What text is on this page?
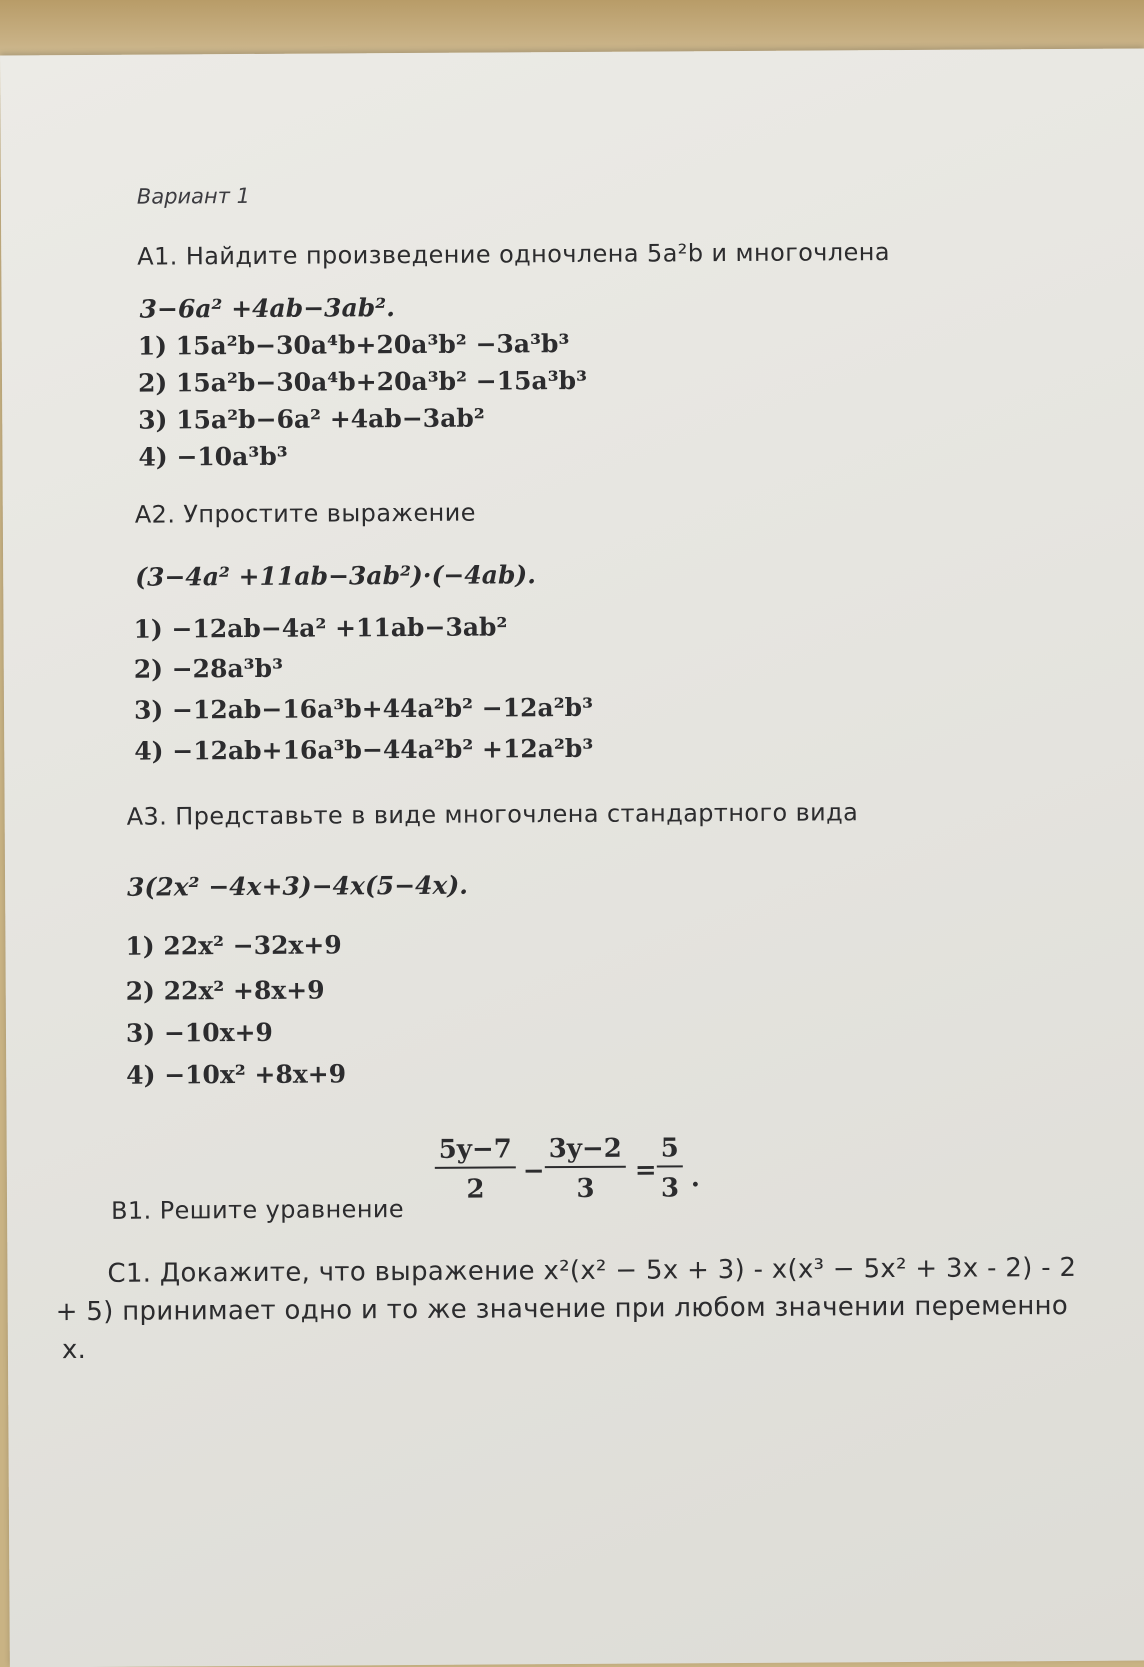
Вариант 1
А1. Найдите произведение одночлена 5a²b и многочлена
3−6a² +4ab−3ab².
1) 15a²b−30a⁴b+20a³b² −3a³b³
2) 15a²b−30a⁴b+20a³b² −15a³b³
3) 15a²b−6a² +4ab−3ab²
4) −10a³b³
А2. Упростите выражение
(3−4a² +11ab−3ab²)·(−4ab).
1) −12ab−4a² +11ab−3ab²
2) −28a³b³
3) −12ab−16a³b+44a²b² −12a²b³
4) −12ab+16a³b−44a²b² +12a²b³
А3. Представьте в виде многочлена стандартного вида
3(2x² −4x+3)−4x(5−4x).
1) 22x² −32x+9
2) 22x² +8x+9
3) −10x+9
4) −10x² +8x+9
В1. Решите уравнение
$\frac{5y-7}{2} - \frac{3y-2}{3} = \frac{5}{3}$ .
С1. Докажите, что выражение x²(x² − 5x + 3) - x(x³ − 5x² + 3x - 2) - 2
+ 5) принимает одно и то же значение при любом значении переменно
х.
